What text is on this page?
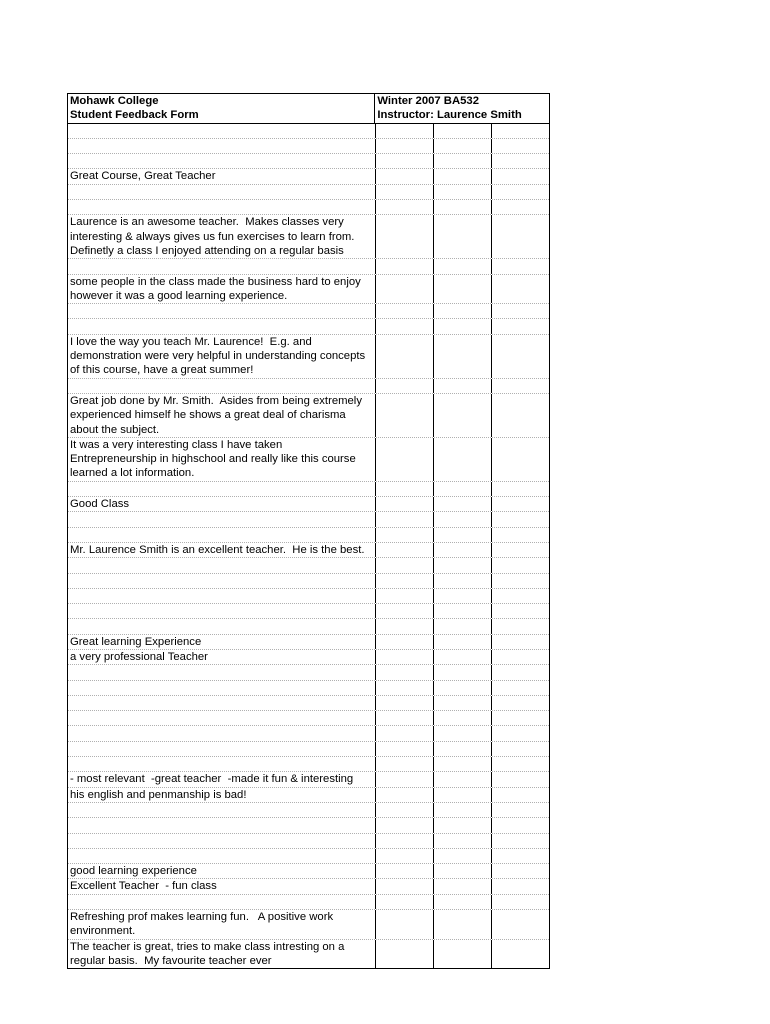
Mohawk College
Student Feedback Form
Winter 2007 BA532
Instructor: Laurence Smith
Great Course, Great Teacher
Laurence is an awesome teacher.  Makes classes very
interesting & always gives us fun exercises to learn from.
Definetly a class I enjoyed attending on a regular basis
some people in the class made the business hard to enjoy
however it was a good learning experience.
I love the way you teach Mr. Laurence!  E.g. and
demonstration were very helpful in understanding concepts
of this course, have a great summer!
Great job done by Mr. Smith.  Asides from being extremely
experienced himself he shows a great deal of charisma
about the subject.
It was a very interesting class I have taken
Entrepreneurship in highschool and really like this course
learned a lot information.
Good Class
Mr. Laurence Smith is an excellent teacher.  He is the best.
Great learning Experience
a very professional Teacher
- most relevant  -great teacher  -made it fun & interesting
his english and penmanship is bad!
good learning experience
Excellent Teacher  - fun class
Refreshing prof makes learning fun.   A positive work
environment.
The teacher is great, tries to make class intresting on a
regular basis.  My favourite teacher ever
